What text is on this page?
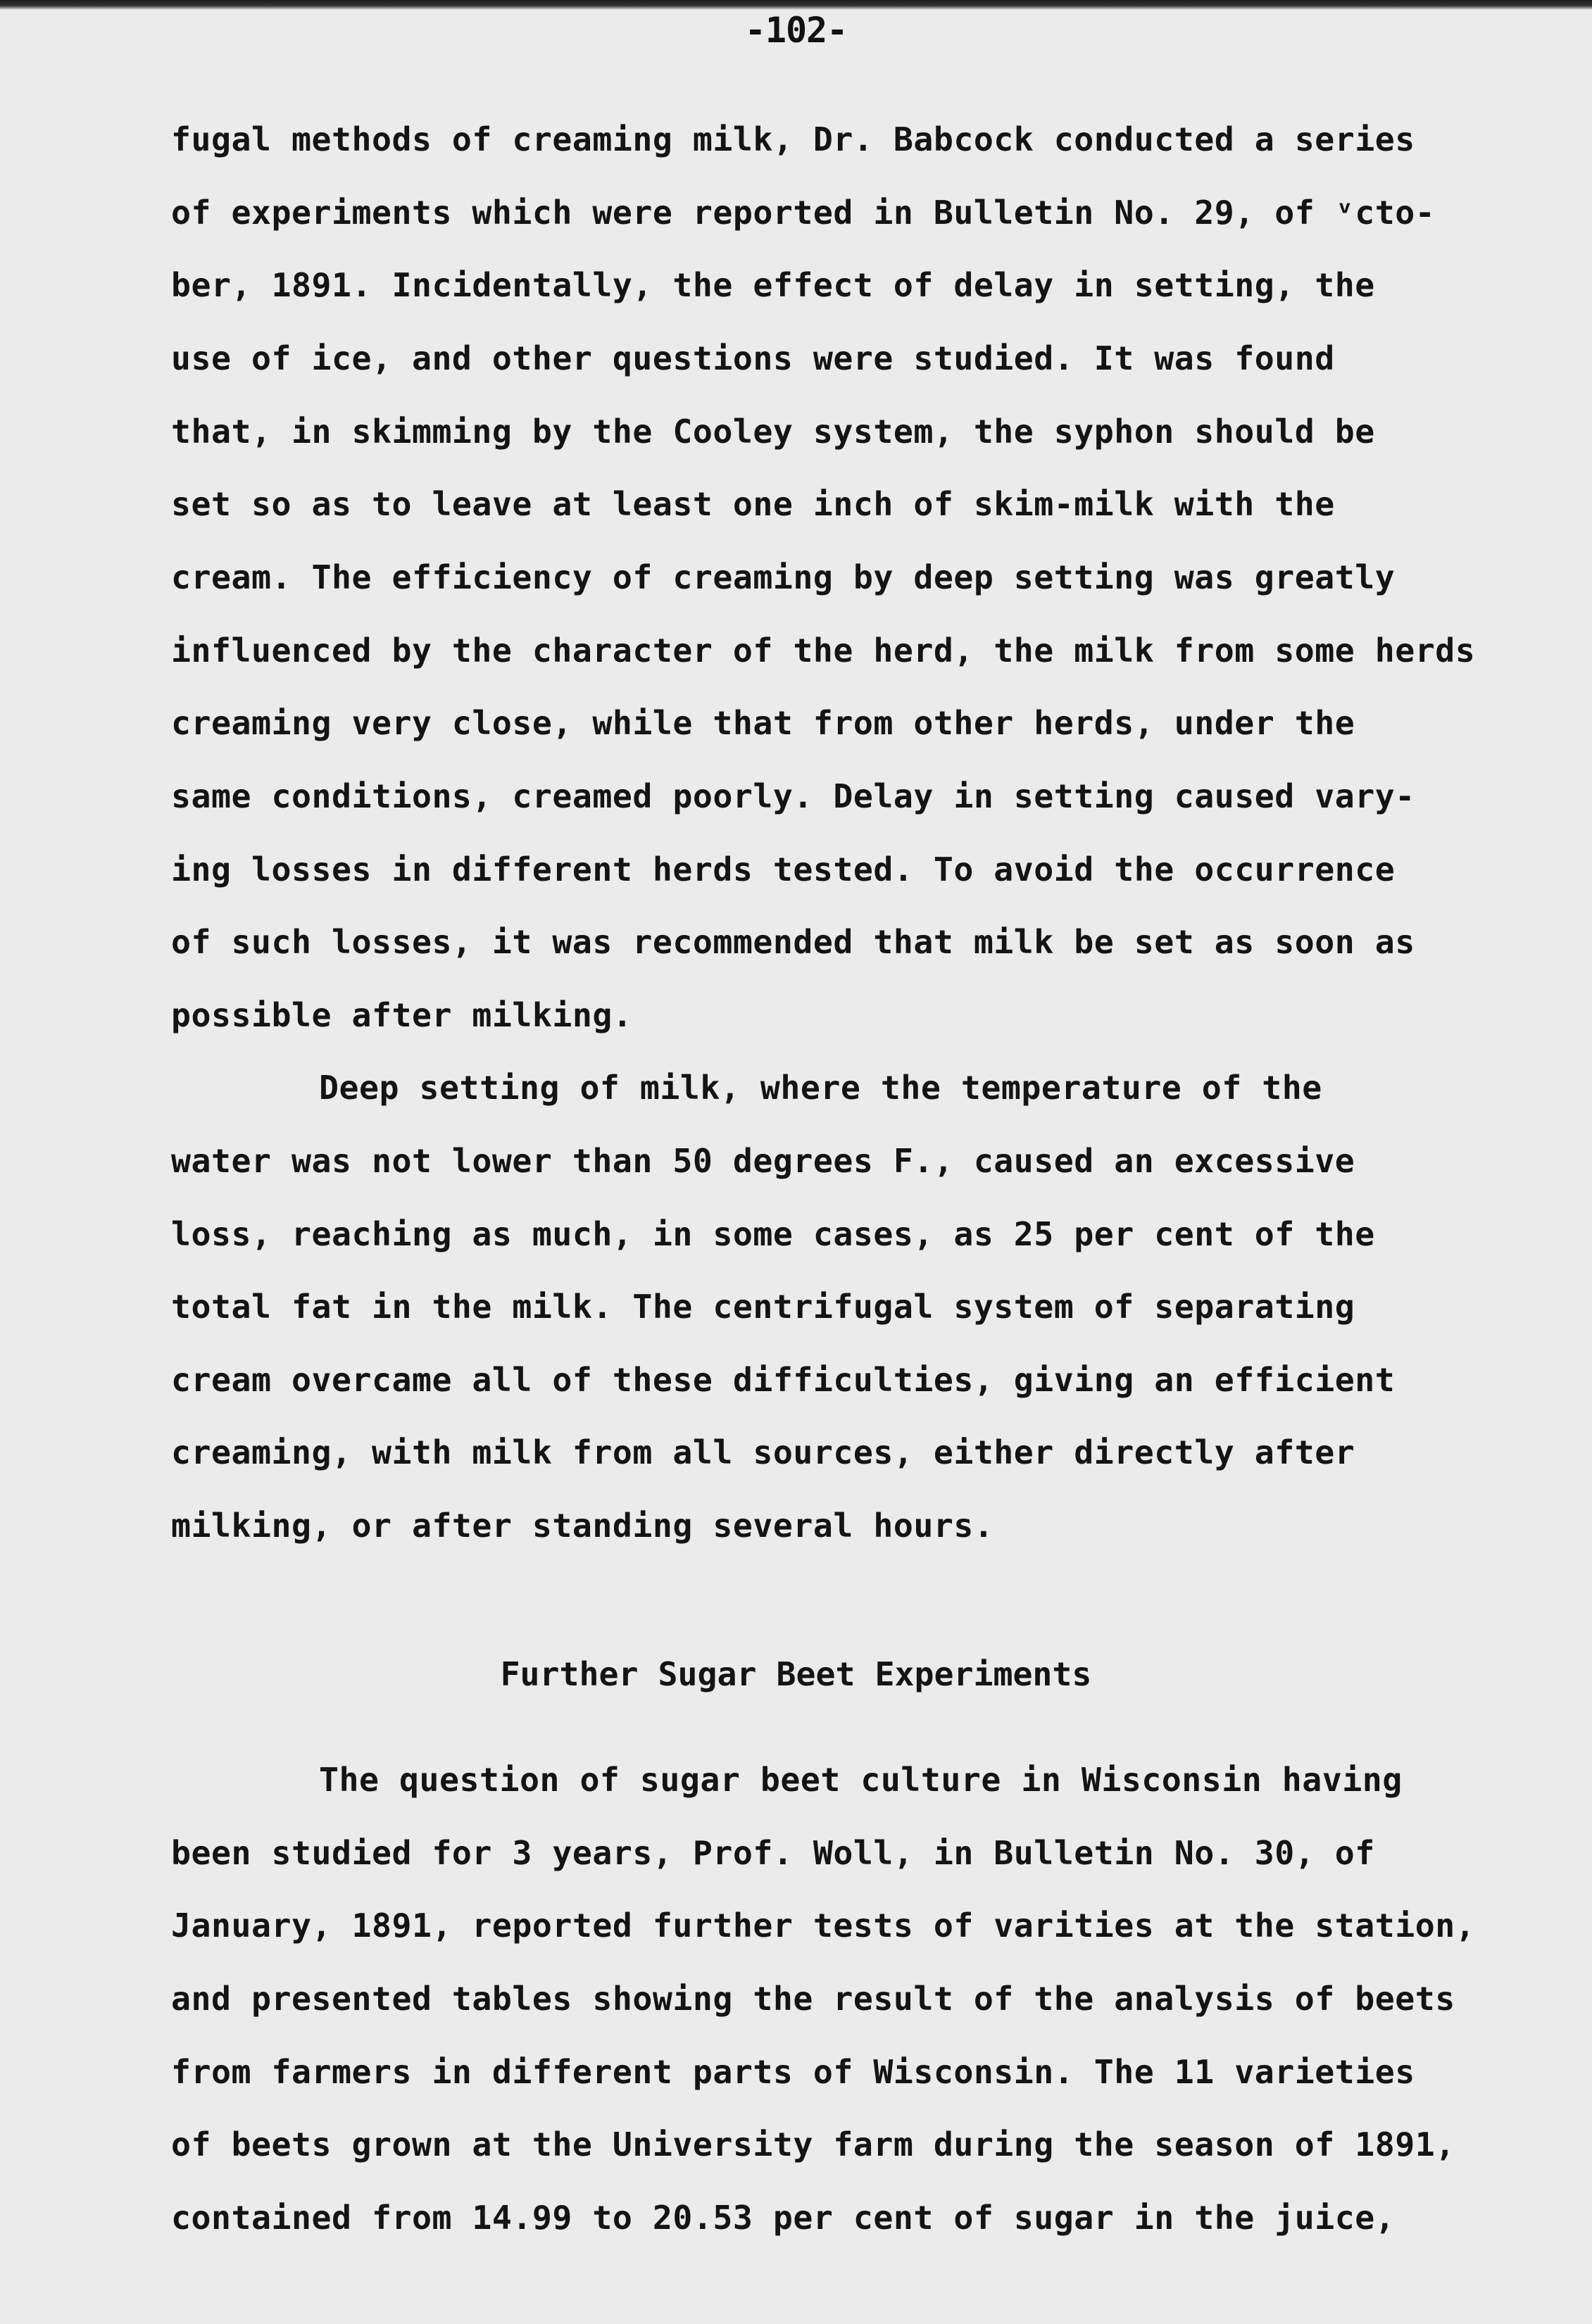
-102-
fugal methods of creaming milk, Dr. Babcock conducted a series
of experiments which were reported in Bulletin No. 29, of ᵛcto-
ber, 1891. Incidentally, the effect of delay in setting, the
use of ice, and other questions were studied. It was found
that, in skimming by the Cooley system, the syphon should be
set so as to leave at least one inch of skim-milk with the
cream. The efficiency of creaming by deep setting was greatly
influenced by the character of the herd, the milk from some herds
creaming very close, while that from other herds, under the
same conditions, creamed poorly. Delay in setting caused vary-
ing losses in different herds tested. To avoid the occurrence
of such losses, it was recommended that milk be set as soon as
possible after milking.
Deep setting of milk, where the temperature of the
water was not lower than 50 degrees F., caused an excessive
loss, reaching as much, in some cases, as 25 per cent of the
total fat in the milk. The centrifugal system of separating
cream overcame all of these difficulties, giving an efficient
creaming, with milk from all sources, either directly after
milking, or after standing several hours.
Further Sugar Beet Experiments
The question of sugar beet culture in Wisconsin having
been studied for 3 years, Prof. Woll, in Bulletin No. 30, of
January, 1891, reported further tests of varities at the station,
and presented tables showing the result of the analysis of beets
from farmers in different parts of Wisconsin. The 11 varieties
of beets grown at the University farm during the season of 1891,
contained from 14.99 to 20.53 per cent of sugar in the juice,
